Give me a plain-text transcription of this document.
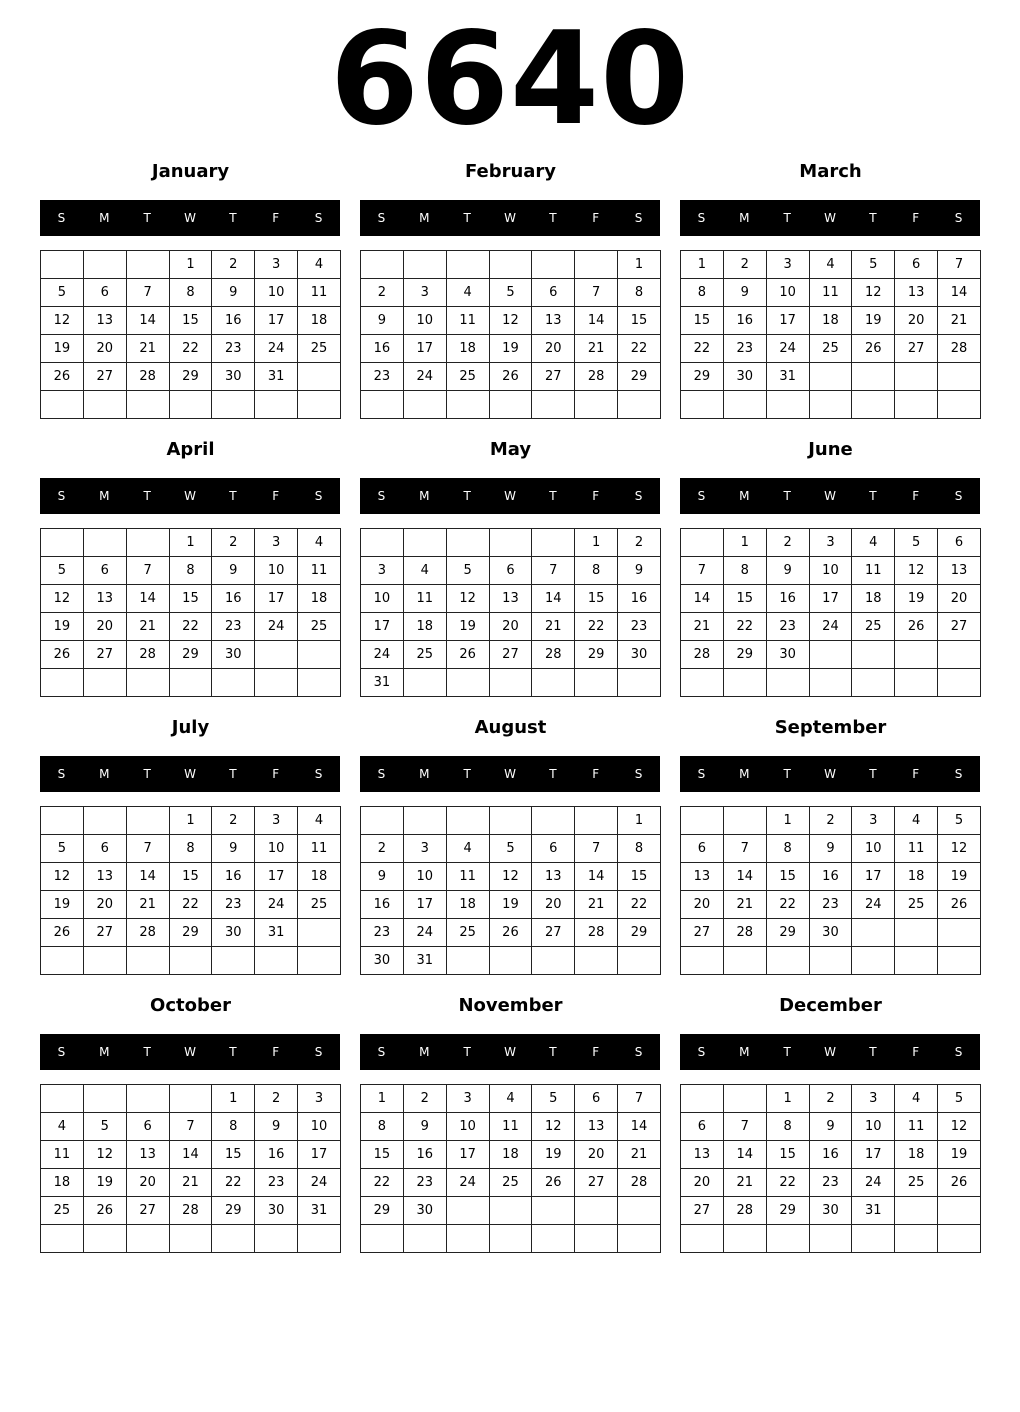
6640
January
S	M	T	W	T	F	S
			1	2	3	4
5	6	7	8	9	10	11
12	13	14	15	16	17	18
19	20	21	22	23	24	25
26	27	28	29	30	31	

February
S	M	T	W	T	F	S
						1
2	3	4	5	6	7	8
9	10	11	12	13	14	15
16	17	18	19	20	21	22
23	24	25	26	27	28	29

March
S	M	T	W	T	F	S
1	2	3	4	5	6	7
8	9	10	11	12	13	14
15	16	17	18	19	20	21
22	23	24	25	26	27	28
29	30	31				

April
S	M	T	W	T	F	S
			1	2	3	4
5	6	7	8	9	10	11
12	13	14	15	16	17	18
19	20	21	22	23	24	25
26	27	28	29	30		

May
S	M	T	W	T	F	S
					1	2
3	4	5	6	7	8	9
10	11	12	13	14	15	16
17	18	19	20	21	22	23
24	25	26	27	28	29	30
31						
June
S	M	T	W	T	F	S
	1	2	3	4	5	6
7	8	9	10	11	12	13
14	15	16	17	18	19	20
21	22	23	24	25	26	27
28	29	30				

July
S	M	T	W	T	F	S
			1	2	3	4
5	6	7	8	9	10	11
12	13	14	15	16	17	18
19	20	21	22	23	24	25
26	27	28	29	30	31	

August
S	M	T	W	T	F	S
						1
2	3	4	5	6	7	8
9	10	11	12	13	14	15
16	17	18	19	20	21	22
23	24	25	26	27	28	29
30	31					
September
S	M	T	W	T	F	S
		1	2	3	4	5
6	7	8	9	10	11	12
13	14	15	16	17	18	19
20	21	22	23	24	25	26
27	28	29	30			

October
S	M	T	W	T	F	S
				1	2	3
4	5	6	7	8	9	10
11	12	13	14	15	16	17
18	19	20	21	22	23	24
25	26	27	28	29	30	31

November
S	M	T	W	T	F	S
1	2	3	4	5	6	7
8	9	10	11	12	13	14
15	16	17	18	19	20	21
22	23	24	25	26	27	28
29	30					

December
S	M	T	W	T	F	S
		1	2	3	4	5
6	7	8	9	10	11	12
13	14	15	16	17	18	19
20	21	22	23	24	25	26
27	28	29	30	31		
